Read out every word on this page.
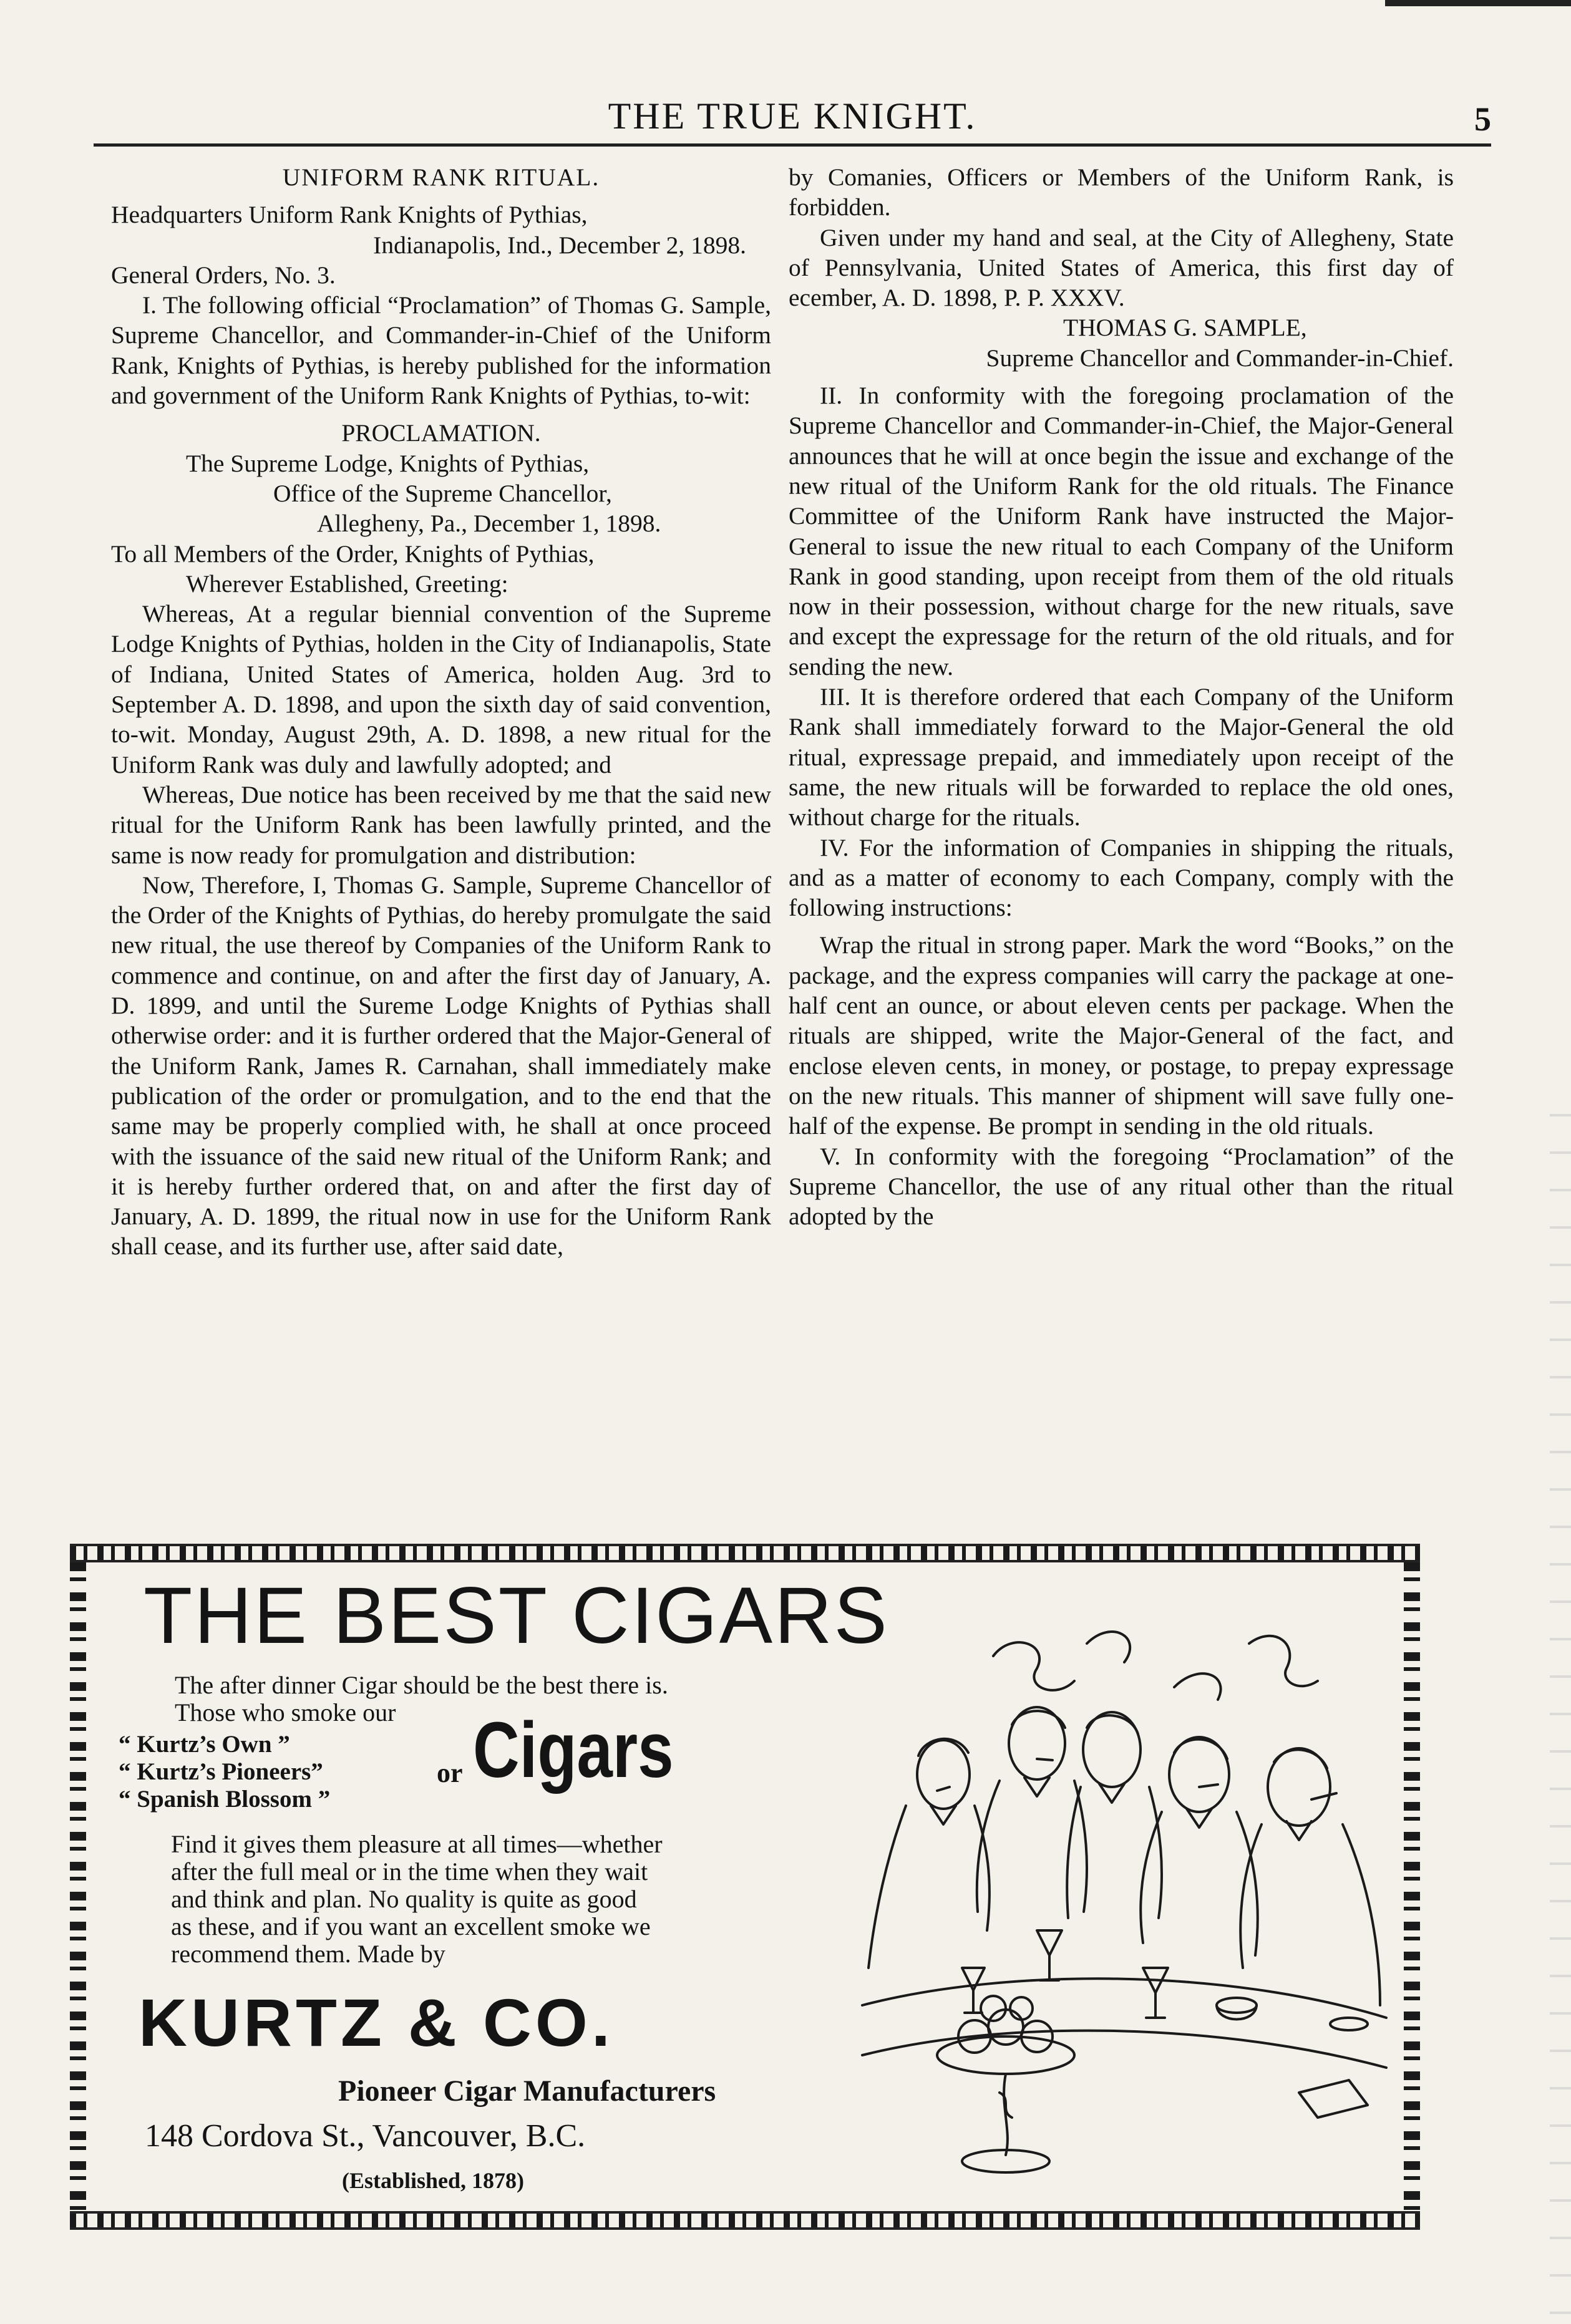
THE TRUE KNIGHT.	5

UNIFORM RANK RITUAL.

Headquarters Uniform Rank Knights of Pythias,

Indianapolis, Ind., December 2, 1898.

General Orders, No. 3.

I. The following official “Proclamation” of Thomas G. Sample, Supreme Chancellor, and Commander-in-Chief of the Uniform Rank, Knights of Pythias, is hereby published for the information and government of the Uniform Rank Knights of Pythias, to-wit:

PROCLAMATION.

The Supreme Lodge, Knights of Pythias,

Office of the Supreme Chancellor,

Allegheny, Pa., December 1, 1898.

To all Members of the Order, Knights of Pythias,

Wherever Established, Greeting:

Whereas, At a regular biennial convention of the Supreme Lodge Knights of Pythias, holden in the City of Indianapolis, State of Indiana, United States of America, holden Aug. 3rd to September A. D. 1898, and upon the sixth day of said convention, to-wit. Monday, August 29th, A. D. 1898, a new ritual for the Uniform Rank was duly and lawfully adopted; and

Whereas, Due notice has been received by me that the said new ritual for the Uniform Rank has been lawfully printed, and the same is now ready for promulgation and distribution:

Now, Therefore, I, Thomas G. Sample, Supreme Chancellor of the Order of the Knights of Pythias, do hereby promulgate the said new ritual, the use thereof by Companies of the Uniform Rank to commence and continue, on and after the first day of January, A. D. 1899, and until the Sureme Lodge Knights of Pythias shall otherwise order: and it is further ordered that the Major-General of the Uniform Rank, James R. Carnahan, shall immediately make publication of the order or promulgation, and to the end that the same may be properly complied with, he shall at once proceed with the issuance of the said new ritual of the Uniform Rank; and it is hereby further ordered that, on and after the first day of January, A. D. 1899, the ritual now in use for the Uniform Rank shall cease, and its further use, after said date,

by Comanies, Officers or Members of the Uniform Rank, is forbidden.

Given under my hand and seal, at the City of Allegheny, State of Pennsylvania, United States of America, this first day of ecember, A. D. 1898, P. P. XXXV.

THOMAS G. SAMPLE,

Supreme Chancellor and Commander-in-Chief.

II. In conformity with the foregoing proclamation of the Supreme Chancellor and Commander-in-Chief, the Major-General announces that he will at once begin the issue and exchange of the new ritual of the Uniform Rank for the old rituals. The Finance Committee of the Uniform Rank have instructed the Major-General to issue the new ritual to each Company of the Uniform Rank in good standing, upon receipt from them of the old rituals now in their possession, without charge for the new rituals, save and except the expressage for the return of the old rituals, and for sending the new.

III. It is therefore ordered that each Company of the Uniform Rank shall immediately forward to the Major-General the old ritual, expressage prepaid, and immediately upon receipt of the same, the new rituals will be forwarded to replace the old ones, without charge for the rituals.

IV. For the information of Companies in shipping the rituals, and as a matter of economy to each Company, comply with the following instructions:

Wrap the ritual in strong paper. Mark the word “Books,” on the package, and the express companies will carry the package at one-half cent an ounce, or about eleven cents per package. When the rituals are shipped, write the Major-General of the fact, and enclose eleven cents, in money, or postage, to prepay expressage on the new rituals. This manner of shipment will save fully one-half of the expense. Be prompt in sending in the old rituals.

V. In conformity with the foregoing “Proclamation” of the Supreme Chancellor, the use of any ritual other than the ritual adopted by the

THE BEST CIGARS
The after dinner Cigar should be the best there is.
Those who smoke our
“ Kurtz’s Own ”
“ Kurtz’s Pioneers”
“ Spanish Blossom ”
or Cigars
Find it gives them pleasure at all times—whether
after the full meal or in the time when they wait
and think and plan. No quality is quite as good
as these, and if you want an excellent smoke we
recommend them. Made by
KURTZ & CO.
Pioneer Cigar Manufacturers
148 Cordova St., Vancouver, B.C.
(Established, 1878)
